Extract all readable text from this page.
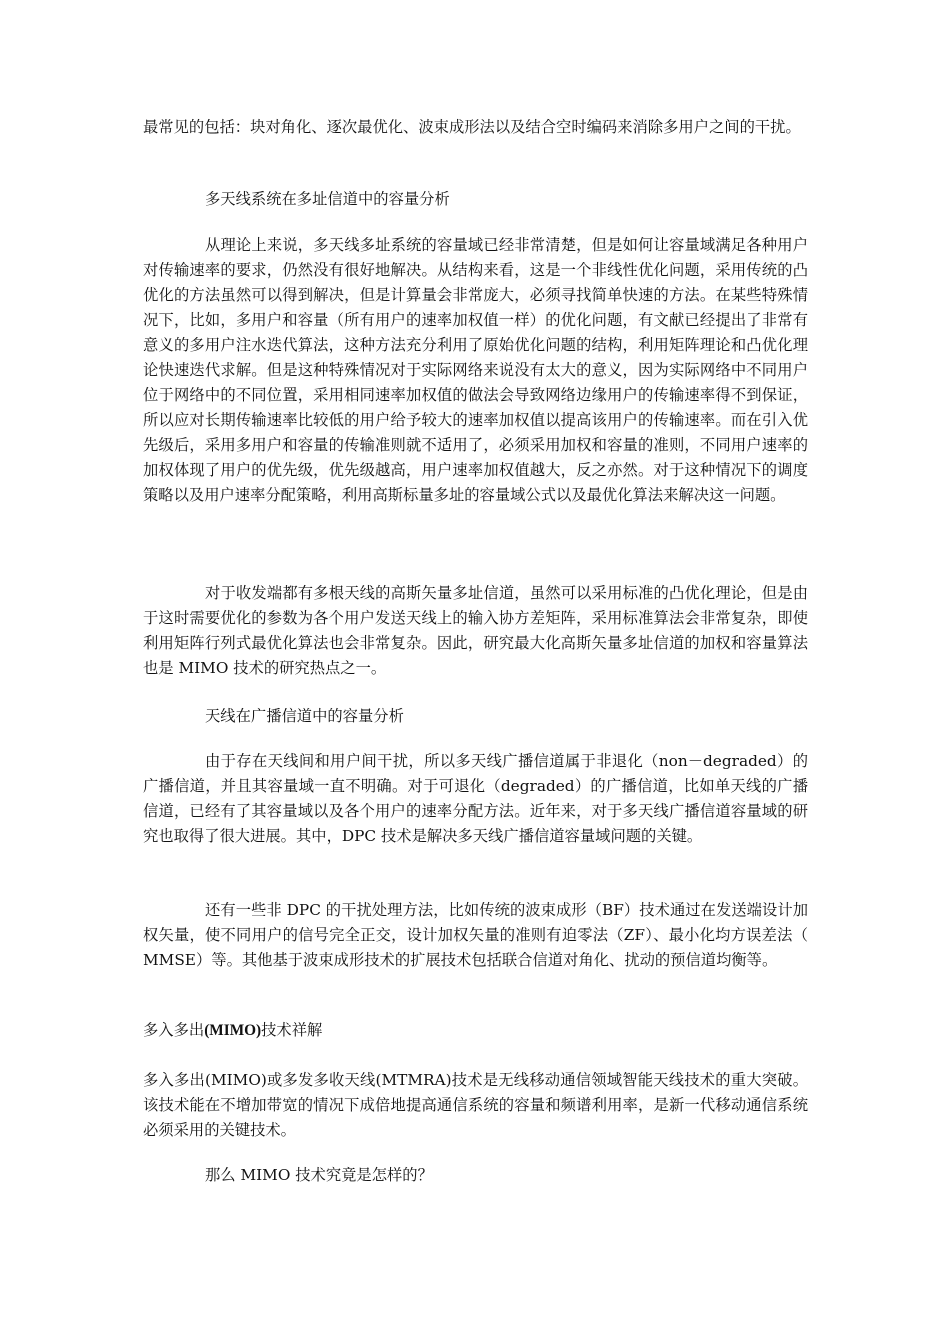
最常见的包括：块对角化、逐次最优化、波束成形法以及结合空时编码来消除多用户之间的干扰。

多天线系统在多址信道中的容量分析

从理论上来说，多天线多址系统的容量域已经非常清楚，但是如何让容量域满足各种用户对传输速率的要求，仍然没有很好地解决。从结构来看，这是一个非线性优化问题，采用传统的凸优化的方法虽然可以得到解决，但是计算量会非常庞大，必须寻找简单快速的方法。在某些特殊情况下，比如，多用户和容量（所有用户的速率加权值一样）的优化问题，有文献已经提出了非常有意义的多用户注水迭代算法，这种方法充分利用了原始优化问题的结构，利用矩阵理论和凸优化理论快速迭代求解。但是这种特殊情况对于实际网络来说没有太大的意义，因为实际网络中不同用户位于网络中的不同位置，采用相同速率加权值的做法会导致网络边缘用户的传输速率得不到保证，所以应对长期传输速率比较低的用户给予较大的速率加权值以提高该用户的传输速率。而在引入优先级后，采用多用户和容量的传输准则就不适用了，必须采用加权和容量的准则，不同用户速率的加权体现了用户的优先级，优先级越高，用户速率加权值越大，反之亦然。对于这种情况下的调度策略以及用户速率分配策略，利用高斯标量多址的容量域公式以及最优化算法来解决这一问题。

对于收发端都有多根天线的高斯矢量多址信道，虽然可以采用标准的凸优化理论，但是由于这时需要优化的参数为各个用户发送天线上的输入协方差矩阵，采用标准算法会非常复杂，即使利用矩阵行列式最优化算法也会非常复杂。因此，研究最大化高斯矢量多址信道的加权和容量算法也是 MIMO 技术的研究热点之一。

天线在广播信道中的容量分析

由于存在天线间和用户间干扰，所以多天线广播信道属于非退化（non－degraded）的广播信道，并且其容量域一直不明确。对于可退化（degraded）的广播信道，比如单天线的广播信道，已经有了其容量域以及各个用户的速率分配方法。近年来，对于多天线广播信道容量域的研究也取得了很大进展。其中，DPC 技术是解决多天线广播信道容量域问题的关键。

还有一些非 DPC 的干扰处理方法，比如传统的波束成形（BF）技术通过在发送端设计加权矢量，使不同用户的信号完全正交，设计加权矢量的准则有迫零法（ZF）、最小化均方误差法（MMSE）等。其他基于波束成形技术的扩展技术包括联合信道对角化、扰动的预信道均衡等。

多入多出(MIMO)技术祥解

多入多出(MIMO)或多发多收天线(MTMRA)技术是无线移动通信领域智能天线技术的重大突破。该技术能在不增加带宽的情况下成倍地提高通信系统的容量和频谱利用率，是新一代移动通信系统必须采用的关键技术。

那么 MIMO 技术究竟是怎样的？
